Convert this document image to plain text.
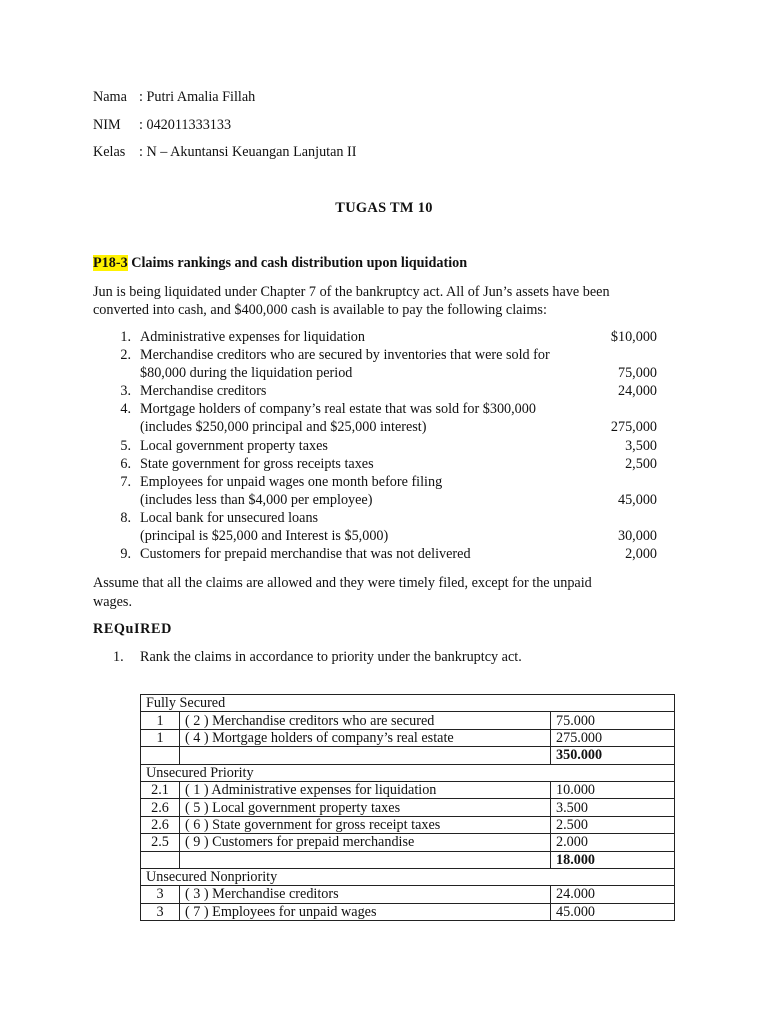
Nama : Putri Amalia Fillah
NIM : 042011333133
Kelas : N – Akuntansi Keuangan Lanjutan II
TUGAS TM 10
P18-3 Claims rankings and cash distribution upon liquidation
Jun is being liquidated under Chapter 7 of the bankruptcy act. All of Jun’s assets have been
converted into cash, and $400,000 cash is available to pay the following claims:
1. Administrative expenses for liquidation	$10,000
2. Merchandise creditors who are secured by inventories that were sold for
$80,000 during the liquidation period	75,000
3. Merchandise creditors	24,000
4. Mortgage holders of company’s real estate that was sold for $300,000
(includes $250,000 principal and $25,000 interest)	275,000
5. Local government property taxes	3,500
6. State government for gross receipts taxes	2,500
7. Employees for unpaid wages one month before filing
(includes less than $4,000 per employee)	45,000
8. Local bank for unsecured loans
(principal is $25,000 and Interest is $5,000)	30,000
9. Customers for prepaid merchandise that was not delivered	2,000
Assume that all the claims are allowed and they were timely filed, except for the unpaid
wages.
REQuIRED
1. Rank the claims in accordance to priority under the bankruptcy act.
Fully Secured		
1	( 2 ) Merchandise creditors who are secured	75.000
1	( 4 ) Mortgage holders of company’s real estate	275.000
		350.000
Unsecured Priority		
2.1	( 1 ) Administrative expenses for liquidation	10.000
2.6	( 5 ) Local government property taxes	3.500
2.6	( 6 ) State government for gross receipt taxes	2.500
2.5	( 9 ) Customers for prepaid merchandise	2.000
		18.000
Unsecured Nonpriority		
3	( 3 ) Merchandise creditors	24.000
3	( 7 ) Employees for unpaid wages	45.000
